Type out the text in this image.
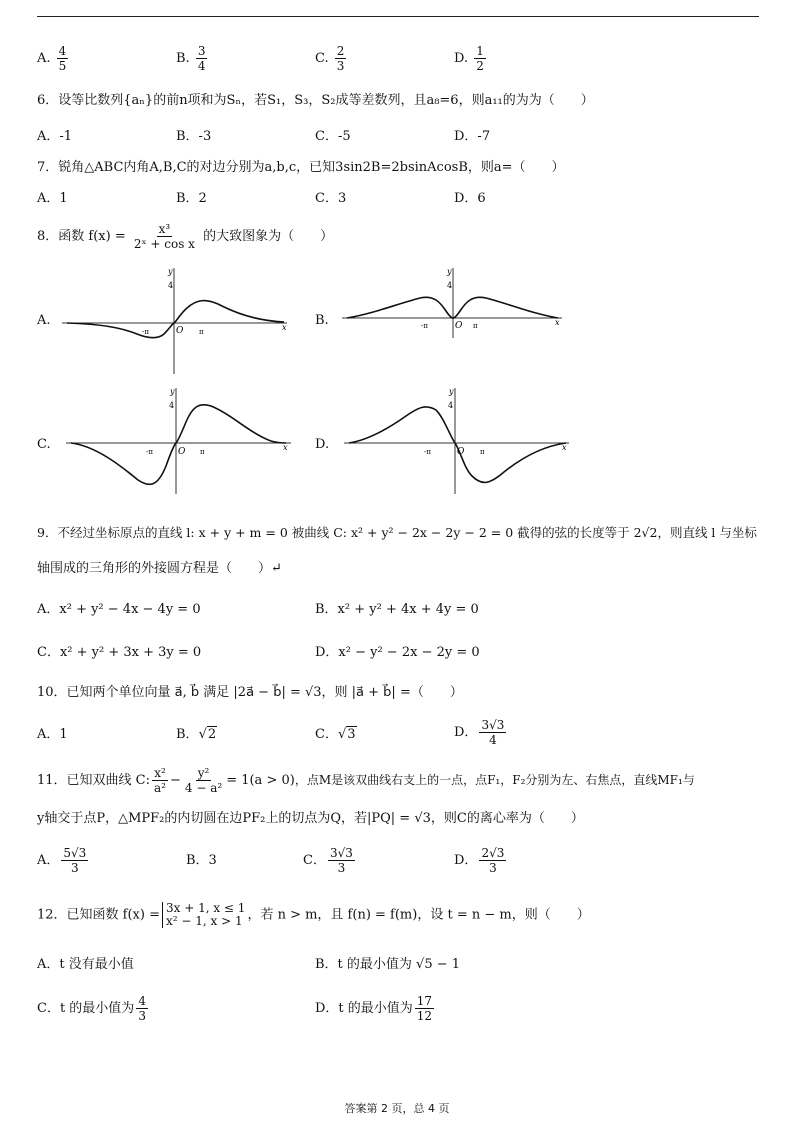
A. $\frac{4}{5}$	B. $\frac{3}{4}$	C. $\frac{2}{3}$	D. $\frac{1}{2}$
6．设等比数列{aₙ}的前n项和为Sₙ，若S₁，S₃，S₂成等差数列，且a₈=6，则a₁₁的为为（　　）
A．-1	B．-3	C．-5	D．-7
7．锐角△ABC内角A,B,C的对边分别为a,b,c，已知3sin2B=2bsinAcosB，则a=（　　）
A．1	B．2	C．3	D．6
8．函数 $f(x) = \frac{\text{x³}}{\text{2ˣ + cos x}}$ 的大致图象为（　　）
A.	B.
C.	D.
y
4
x
O
-π	π
y
4
x
O
-π	π
y
4
x
O
-π	π
y
4
x
O
-π	π
9．不经过坐标原点的直线 l: x + y + m = 0 被曲线 C: x² + y² − 2x − 2y − 2 = 0 截得的弦的长度等于 2√2，则直线 l 与坐标
轴围成的三角形的外接圆方程是（　　）↵
A．x² + y² − 4x − 4y = 0	B．x² + y² + 4x + 4y = 0
C．x² + y² + 3x + 3y = 0	D．x² − y² − 2x − 2y = 0
10．已知两个单位向量 a⃗, b⃗ 满足 |2a⃗ − b⃗| = √3，则 |a⃗ + b⃗| =（　　）
A．1	B．√2	C．√3	D． $\frac{3√3}{4}$
11．已知双曲线 C: $\frac{\text{x²}}{\text{a²}} - \frac{\text{y²}}{\text{4 − a²}} = 1(a > 0)$，点M是该双曲线右支上的一点，点F₁，F₂分别为左、右焦点，直线MF₁与
y轴交于点P，△MPF₂的内切圆在边PF₂上的切点为Q，若|PQ| = √3，则C的离心率为（　　）
A． $\frac{5√3}{3}$	B．3	C． $\frac{3√3}{3}$	D． $\frac{2√3}{3}$
12．已知函数 f(x) = 3x + 1, x ≤ 1
x² − 1, x > 1 ，若 n > m，且 f(n) = f(m)，设 t = n − m，则（　　）
A．t 没有最小值	B．t 的最小值为 √5 − 1
C．t 的最小值为 $\frac{4}{3}$	D．t 的最小值为 $\frac{17}{12}$
答案第 2 页，总 4 页
